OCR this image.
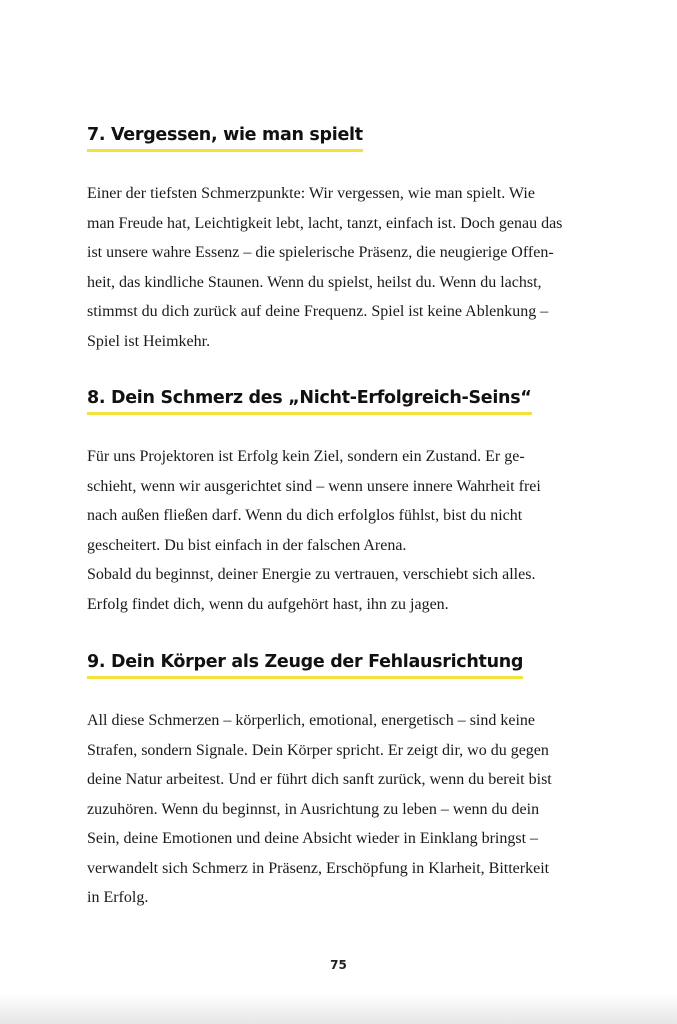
7. Vergessen, wie man spielt
Einer der tiefsten Schmerzpunkte: Wir vergessen, wie man spielt. Wie
man Freude hat, Leichtigkeit lebt, lacht, tanzt, einfach ist. Doch genau das
ist unsere wahre Essenz – die spielerische Präsenz, die neugierige Offen-
heit, das kindliche Staunen. Wenn du spielst, heilst du. Wenn du lachst,
stimmst du dich zurück auf deine Frequenz. Spiel ist keine Ablenkung –
Spiel ist Heimkehr.
8. Dein Schmerz des „Nicht-Erfolgreich-Seins“
Für uns Projektoren ist Erfolg kein Ziel, sondern ein Zustand. Er ge-
schieht, wenn wir ausgerichtet sind – wenn unsere innere Wahrheit frei
nach außen fließen darf. Wenn du dich erfolglos fühlst, bist du nicht
gescheitert. Du bist einfach in der falschen Arena.
Sobald du beginnst, deiner Energie zu vertrauen, verschiebt sich alles.
Erfolg findet dich, wenn du aufgehört hast, ihn zu jagen.
9. Dein Körper als Zeuge der Fehlausrichtung
All diese Schmerzen – körperlich, emotional, energetisch – sind keine
Strafen, sondern Signale. Dein Körper spricht. Er zeigt dir, wo du gegen
deine Natur arbeitest. Und er führt dich sanft zurück, wenn du bereit bist
zuzuhören. Wenn du beginnst, in Ausrichtung zu leben – wenn du dein
Sein, deine Emotionen und deine Absicht wieder in Einklang bringst –
verwandelt sich Schmerz in Präsenz, Erschöpfung in Klarheit, Bitterkeit
in Erfolg.
75
